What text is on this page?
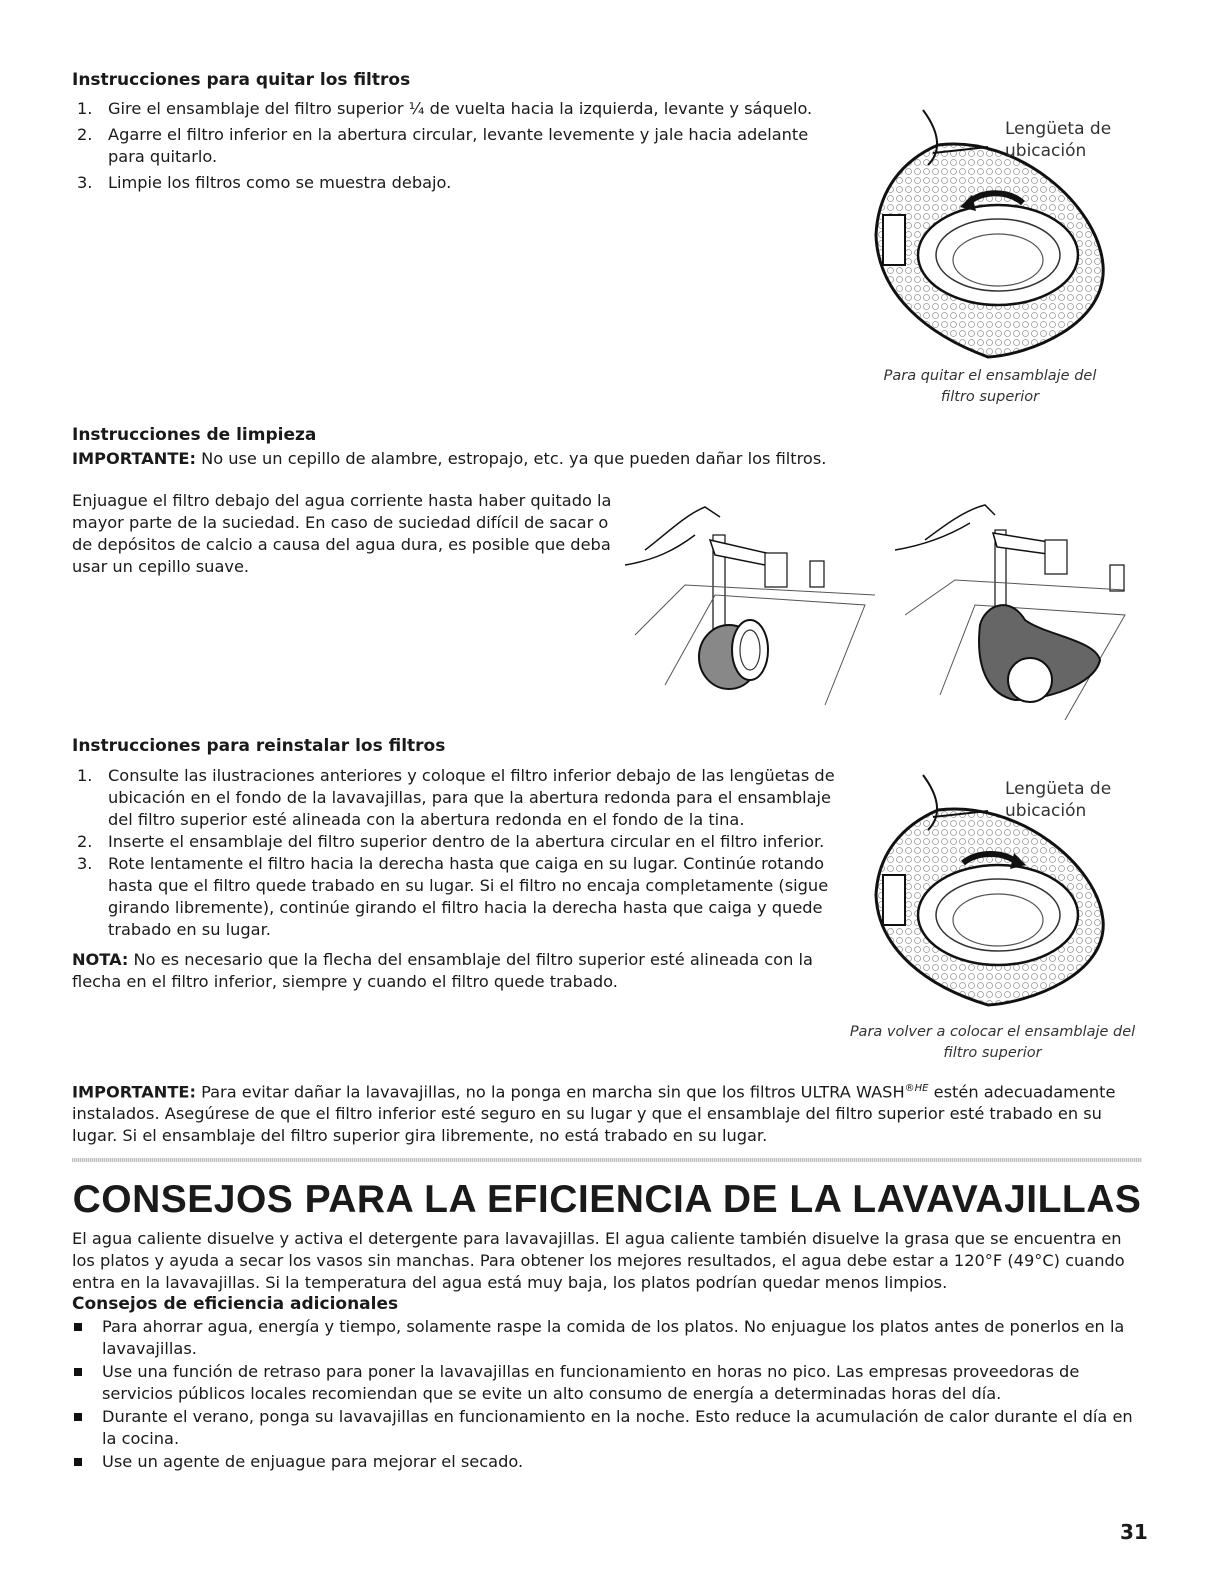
Instrucciones para quitar los filtros
1. Gire el ensamblaje del filtro superior ¼ de vuelta hacia la izquierda, levante y sáquelo.
2. Agarre el filtro inferior en la abertura circular, levante levemente y jale hacia adelante para quitarlo.
3. Limpie los filtros como se muestra debajo.
Lengüeta de ubicación
Para quitar el ensamblaje del filtro superior
Instrucciones de limpieza
IMPORTANTE: No use un cepillo de alambre, estropajo, etc. ya que pueden dañar los filtros.
Enjuague el filtro debajo del agua corriente hasta haber quitado la mayor parte de la suciedad. En caso de suciedad difícil de sacar o de depósitos de calcio a causa del agua dura, es posible que deba usar un cepillo suave.
Instrucciones para reinstalar los filtros
1. Consulte las ilustraciones anteriores y coloque el filtro inferior debajo de las lengüetas de ubicación en el fondo de la lavavajillas, para que la abertura redonda para el ensamblaje del filtro superior esté alineada con la abertura redonda en el fondo de la tina.
2. Inserte el ensamblaje del filtro superior dentro de la abertura circular en el filtro inferior.
3. Rote lentamente el filtro hacia la derecha hasta que caiga en su lugar. Continúe rotando hasta que el filtro quede trabado en su lugar. Si el filtro no encaja completamente (sigue girando libremente), continúe girando el filtro hacia la derecha hasta que caiga y quede trabado en su lugar.
NOTA: No es necesario que la flecha del ensamblaje del filtro superior esté alineada con la flecha en el filtro inferior, siempre y cuando el filtro quede trabado.
Lengüeta de ubicación
Para volver a colocar el ensamblaje del filtro superior
IMPORTANTE: Para evitar dañar la lavavajillas, no la ponga en marcha sin que los filtros ULTRA $WASH^{®HE}$ estén adecuadamente instalados. Asegúrese de que el filtro inferior esté seguro en su lugar y que el ensamblaje del filtro superior esté trabado en su lugar. Si el ensamblaje del filtro superior gira libremente, no está trabado en su lugar.
CONSEJOS PARA LA EFICIENCIA DE LA LAVAVAJILLAS
El agua caliente disuelve y activa el detergente para lavavajillas. El agua caliente también disuelve la grasa que se encuentra en los platos y ayuda a secar los vasos sin manchas. Para obtener los mejores resultados, el agua debe estar a 120°F (49°C) cuando entra en la lavavajillas. Si la temperatura del agua está muy baja, los platos podrían quedar menos limpios.
Consejos de eficiencia adicionales
Para ahorrar agua, energía y tiempo, solamente raspe la comida de los platos. No enjuague los platos antes de ponerlos en la lavavajillas.
Use una función de retraso para poner la lavavajillas en funcionamiento en horas no pico. Las empresas proveedoras de servicios públicos locales recomiendan que se evite un alto consumo de energía a determinadas horas del día.
Durante el verano, ponga su lavavajillas en funcionamiento en la noche. Esto reduce la acumulación de calor durante el día en la cocina.
Use un agente de enjuague para mejorar el secado.
31
